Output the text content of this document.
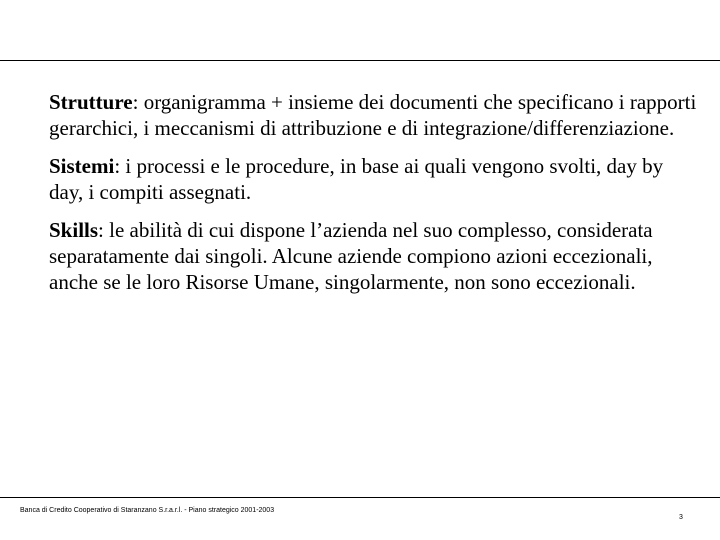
Strutture: organigramma + insieme dei documenti che specificano i rapporti gerarchici, i meccanismi di attribuzione e di integrazione/differenziazione.

Sistemi: i processi e le procedure, in base ai quali vengono svolti, day by day, i compiti assegnati.

Skills: le abilità di cui dispone l’azienda nel suo complesso, considerata separatamente dai singoli. Alcune aziende compiono azioni eccezionali, anche se le loro Risorse Umane, singolarmente, non sono eccezionali.

Banca di Credito Cooperativo di Staranzano S.r.a.r.l. - Piano strategico 2001-2003
3
